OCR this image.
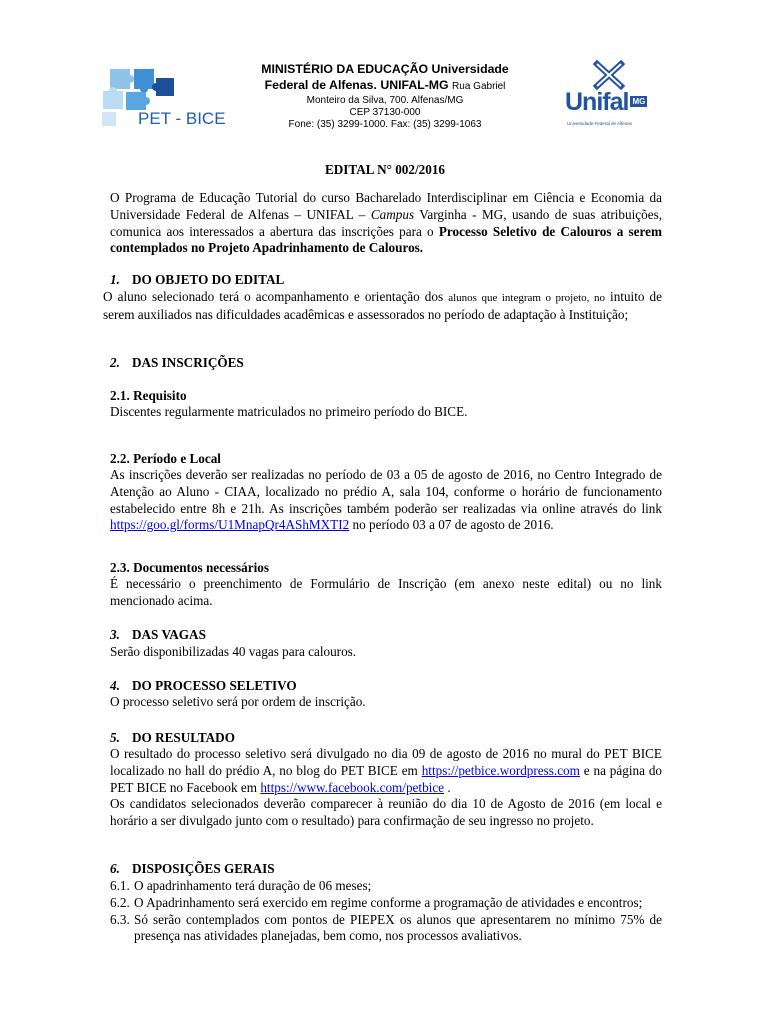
PET - BICE
MINISTÉRIO DA EDUCAÇÃO Universidade
Federal de Alfenas. UNIFAL-MG Rua Gabriel
Monteiro da Silva, 700. Alfenas/MG
CEP 37130-000
Fone: (35) 3299-1000. Fax: (35) 3299-1063
Unifal MG
Universidade Federal de Alfenas
EDITAL N° 002/2016
O Programa de Educação Tutorial do curso Bacharelado Interdisciplinar em Ciência e Economia da Universidade Federal de Alfenas – UNIFAL – Campus Varginha - MG, usando de suas atribuições, comunica aos interessados a abertura das inscrições para o Processo Seletivo de Calouros a serem contemplados no Projeto Apadrinhamento de Calouros.
1. DO OBJETO DO EDITAL
O aluno selecionado terá o acompanhamento e orientação dos alunos que integram o projeto, no intuito de serem auxiliados nas dificuldades acadêmicas e assessorados no período de adaptação à Instituição;
2. DAS INSCRIÇÕES
2.1. Requisito
Discentes regularmente matriculados no primeiro período do BICE.
2.2. Período e Local
As inscrições deverão ser realizadas no período de 03 a 05 de agosto de 2016, no Centro Integrado de Atenção ao Aluno - CIAA, localizado no prédio A, sala 104, conforme o horário de funcionamento estabelecido entre 8h e 21h. As inscrições também poderão ser realizadas via online através do link https://goo.gl/forms/U1MnapQr4AShMXTI2 no período 03 a 07 de agosto de 2016.
2.3. Documentos necessários
É necessário o preenchimento de Formulário de Inscrição (em anexo neste edital) ou no link mencionado acima.
3. DAS VAGAS
Serão disponibilizadas 40 vagas para calouros.
4. DO PROCESSO SELETIVO
O processo seletivo será por ordem de inscrição.
5. DO RESULTADO
O resultado do processo seletivo será divulgado no dia 09 de agosto de 2016 no mural do PET BICE localizado no hall do prédio A, no blog do PET BICE em https://petbice.wordpress.com e na página do PET BICE no Facebook em https://www.facebook.com/petbice .
Os candidatos selecionados deverão comparecer à reunião do dia 10 de Agosto de 2016 (em local e horário a ser divulgado junto com o resultado) para confirmação de seu ingresso no projeto.
6. DISPOSIÇÕES GERAIS
6.1. O apadrinhamento terá duração de 06 meses;
6.2. O Apadrinhamento será exercido em regime conforme a programação de atividades e encontros;
6.3. Só serão contemplados com pontos de PIEPEX os alunos que apresentarem no mínimo 75% de presença nas atividades planejadas, bem como, nos processos avaliativos.
